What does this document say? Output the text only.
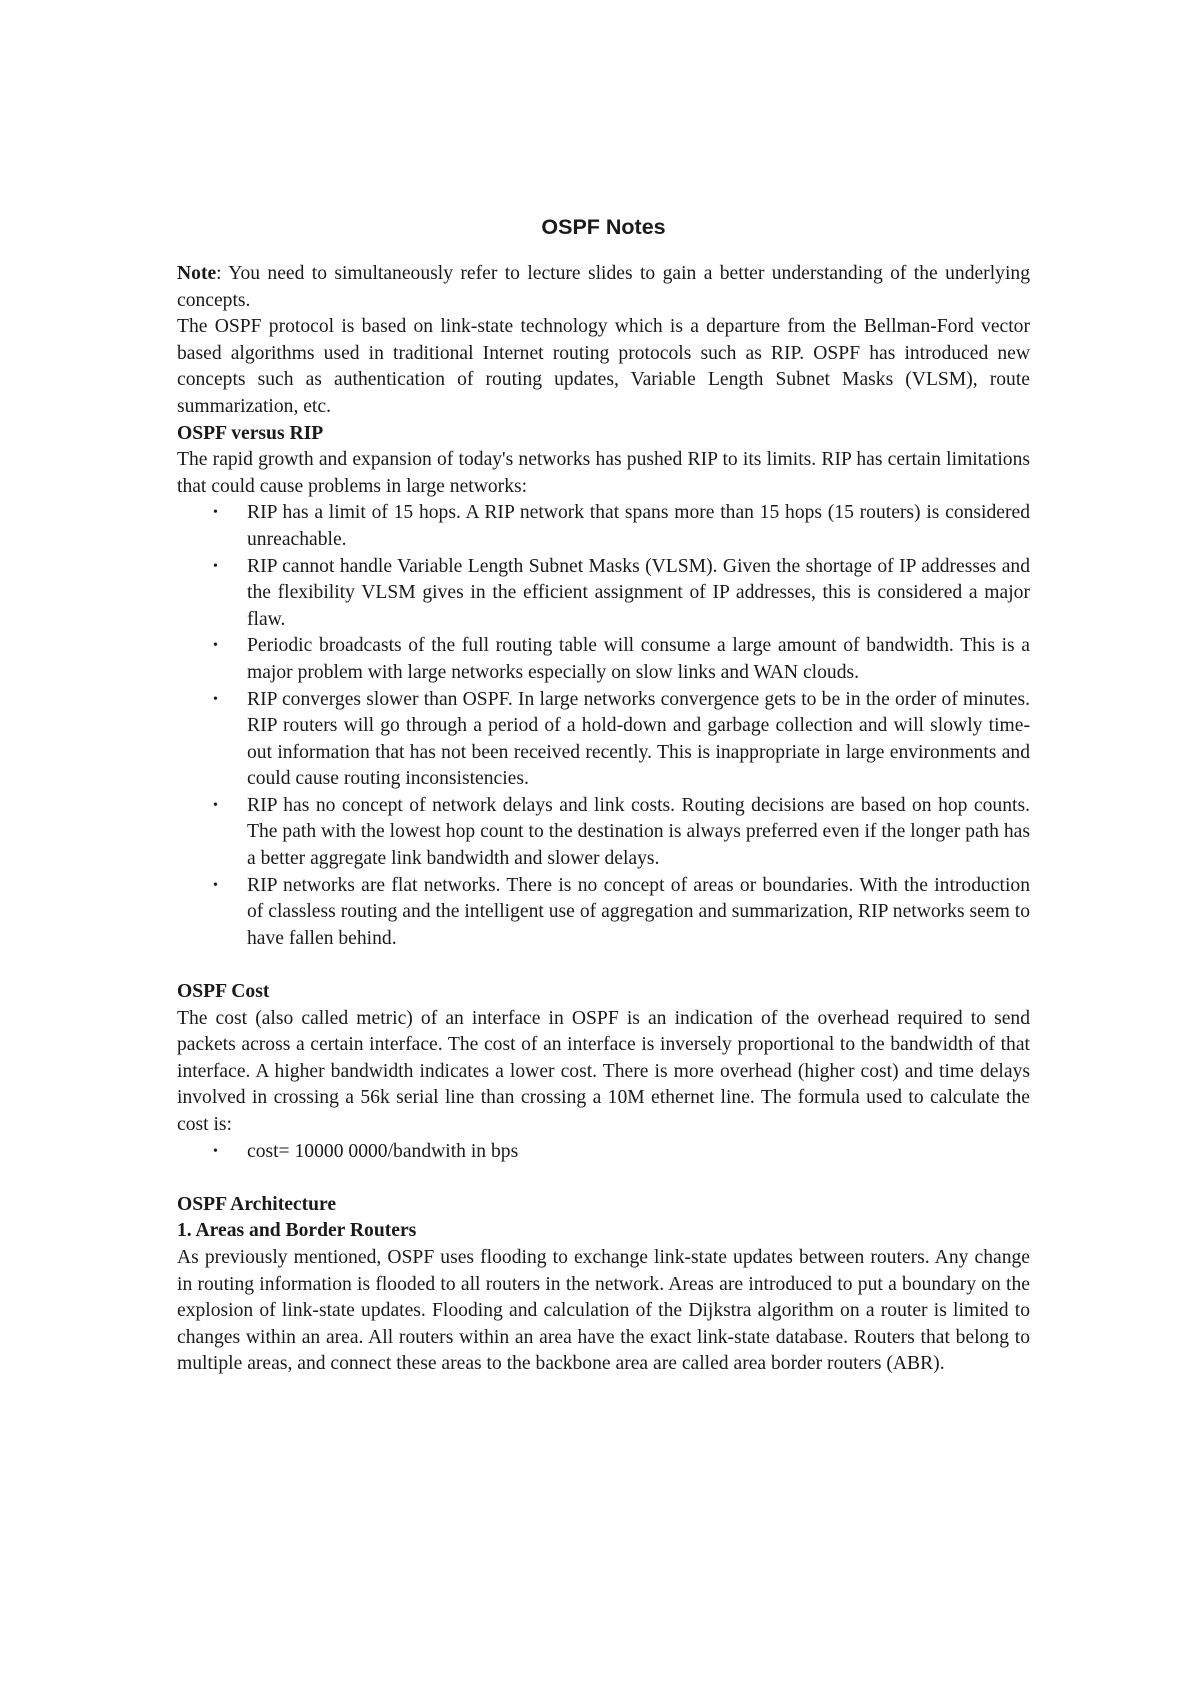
OSPF Notes

Note: You need to simultaneously refer to lecture slides to gain a better understanding of the underlying concepts.

The OSPF protocol is based on link-state technology which is a departure from the Bellman-Ford vector based algorithms used in traditional Internet routing protocols such as RIP. OSPF has introduced new concepts such as authentication of routing updates, Variable Length Subnet Masks (VLSM), route summarization, etc.

OSPF versus RIP

The rapid growth and expansion of today's networks has pushed RIP to its limits. RIP has certain limitations that could cause problems in large networks:

• RIP has a limit of 15 hops. A RIP network that spans more than 15 hops (15 routers) is considered unreachable.
• RIP cannot handle Variable Length Subnet Masks (VLSM). Given the shortage of IP addresses and the flexibility VLSM gives in the efficient assignment of IP addresses, this is considered a major flaw.
• Periodic broadcasts of the full routing table will consume a large amount of bandwidth. This is a major problem with large networks especially on slow links and WAN clouds.
• RIP converges slower than OSPF. In large networks convergence gets to be in the order of minutes. RIP routers will go through a period of a hold-down and garbage collection and will slowly time-out information that has not been received recently. This is inappropriate in large environments and could cause routing inconsistencies.
• RIP has no concept of network delays and link costs. Routing decisions are based on hop counts. The path with the lowest hop count to the destination is always preferred even if the longer path has a better aggregate link bandwidth and slower delays.
• RIP networks are flat networks. There is no concept of areas or boundaries. With the introduction of classless routing and the intelligent use of aggregation and summarization, RIP networks seem to have fallen behind.
OSPF Cost

The cost (also called metric) of an interface in OSPF is an indication of the overhead required to send packets across a certain interface. The cost of an interface is inversely proportional to the bandwidth of that interface. A higher bandwidth indicates a lower cost. There is more overhead (higher cost) and time delays involved in crossing a 56k serial line than crossing a 10M ethernet line. The formula used to calculate the cost is:

• cost= 10000 0000/bandwith in bps
OSPF Architecture
1. Areas and Border Routers

As previously mentioned, OSPF uses flooding to exchange link-state updates between routers. Any change in routing information is flooded to all routers in the network. Areas are introduced to put a boundary on the explosion of link-state updates. Flooding and calculation of the Dijkstra algorithm on a router is limited to changes within an area. All routers within an area have the exact link-state database. Routers that belong to multiple areas, and connect these areas to the backbone area are called area border routers (ABR).
